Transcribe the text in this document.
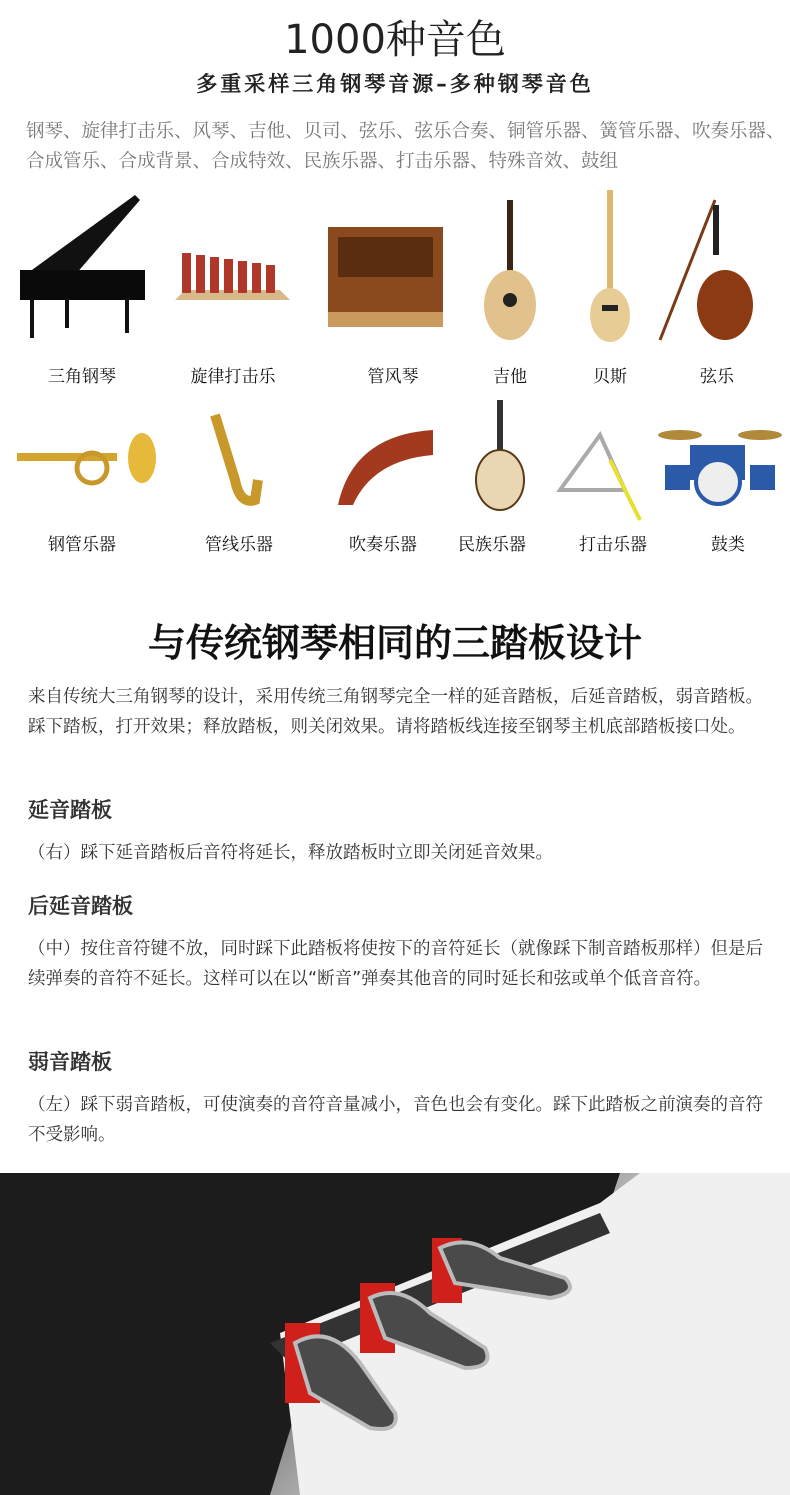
1000种音色
多重采样三角钢琴音源–多种钢琴音色
钢琴、旋律打击乐、风琴、吉他、贝司、弦乐、弦乐合奏、铜管乐器、簧管乐器、吹奏乐器、合成管乐、合成背景、合成特效、民族乐器、打击乐器、特殊音效、鼓组
三角钢琴	旋律打击乐	管风琴	吉他	贝斯	弦乐
钢管乐器	管线乐器	吹奏乐器	民族乐器	打击乐器	鼓类
与传统钢琴相同的三踏板设计
来自传统大三角钢琴的设计，采用传统三角钢琴完全一样的延音踏板，后延音踏板，弱音踏板。踩下踏板，打开效果；释放踏板，则关闭效果。请将踏板线连接至钢琴主机底部踏板接口处。
延音踏板
（右）踩下延音踏板后音符将延长，释放踏板时立即关闭延音效果。
后延音踏板
（中）按住音符键不放，同时踩下此踏板将使按下的音符延长（就像踩下制音踏板那样）但是后续弹奏的音符不延长。这样可以在以“断音”弹奏其他音的同时延长和弦或单个低音音符。
弱音踏板
（左）踩下弱音踏板，可使演奏的音符音量减小，音色也会有变化。踩下此踏板之前演奏的音符不受影响。
